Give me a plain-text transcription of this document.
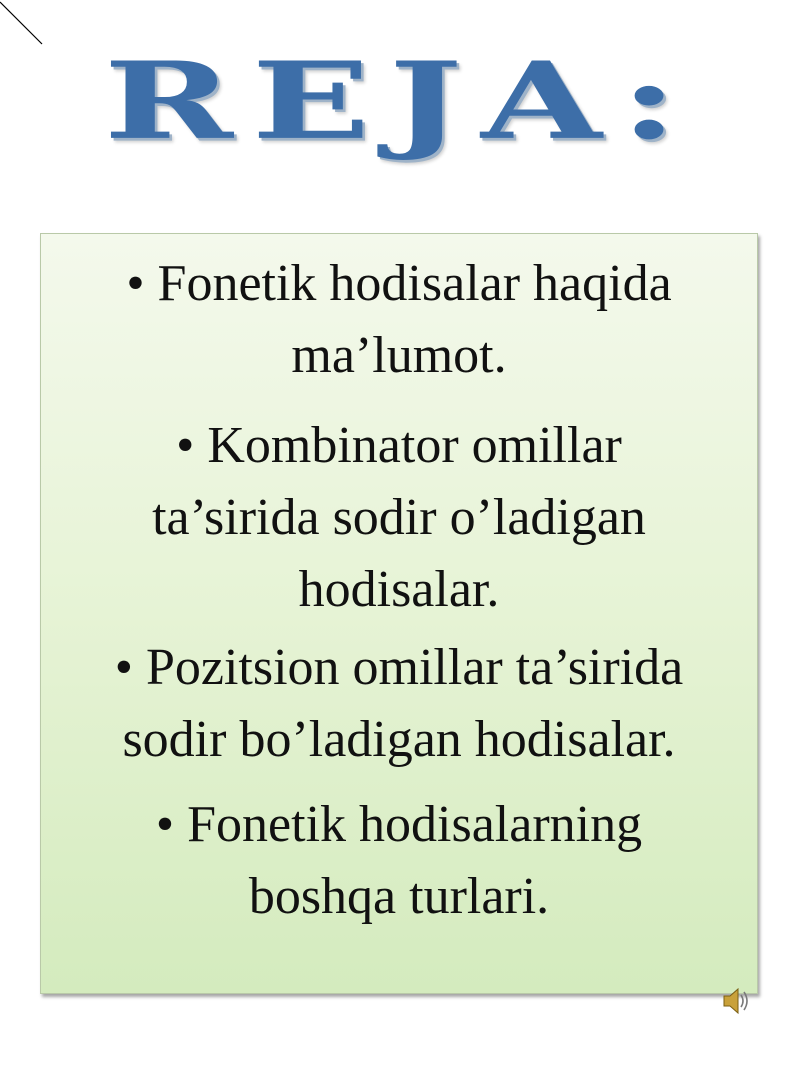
REJA:
• Fonetik hodisalar haqida
ma’lumot.
• Kombinator omillar
ta’sirida sodir o’ladigan
hodisalar.
• Pozitsion omillar ta’sirida
sodir bo’ladigan hodisalar.
• Fonetik hodisalarning
boshqa turlari.
